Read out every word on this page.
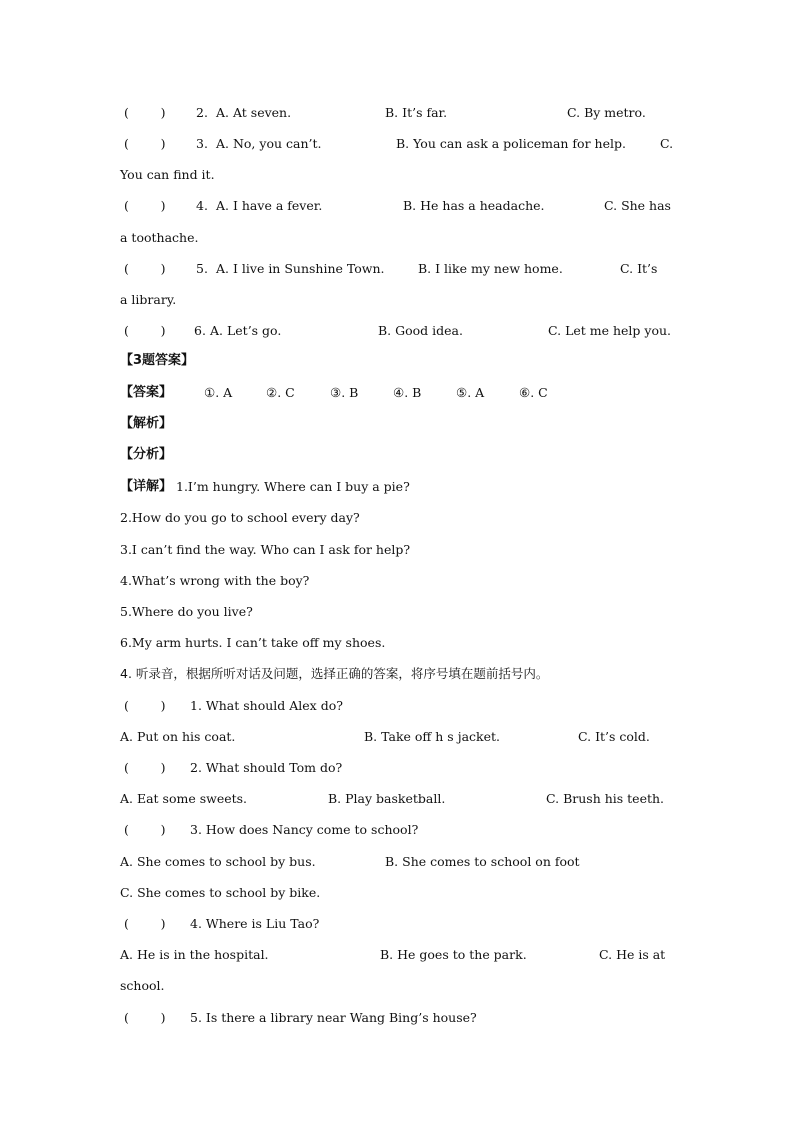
(        )

2.

A. At seven.

	B. It’s far.

	C. By metro.

(        )

3.

A. No, you can’t.

	B. You can ask a policeman for help.

	C.

You can find it.

(        )

4.

A. I have a fever.

	B. He has a headache.

	C. She has

a toothache.

(        )

5.

A. I live in Sunshine Town.

	B. I like my new home.

	C. It’s

a library.

(        )

6.

A. Let’s go.

	B. Good idea.

	C. Let me help you.

【3题答案】

【答案】

	①. A

	②. C

	③. B

	④. B

	⑤. A

	⑥. C

【解析】
【分析】

【详解】

1.I’m hungry. Where can I buy a pie?

2.How do you go to school every day?
3.I can’t find the way. Who can I ask for help?
4.What’s wrong with the boy?
5.Where do you live?
6.My arm hurts. I can’t take off my shoes.
4. 听录音，根据所听对话及问题，选择正确的答案，将序号填在题前括号内。

(        )

1. What should Alex do?

A. Put on his coat.

	B. Take off h s jacket.

	C. It’s cold.

(        )

2. What should Tom do?

A. Eat some sweets.

	B. Play basketball.

	C. Brush his teeth.

(        )

3. How does Nancy come to school?

A. She comes to school by bus.

	B. She comes to school on foot

C. She comes to school by bike.

(        )

4. Where is Liu Tao?

A. He is in the hospital.

	B. He goes to the park.

	C. He is at

school.

(        )

5. Is there a library near Wang Bing’s house?
